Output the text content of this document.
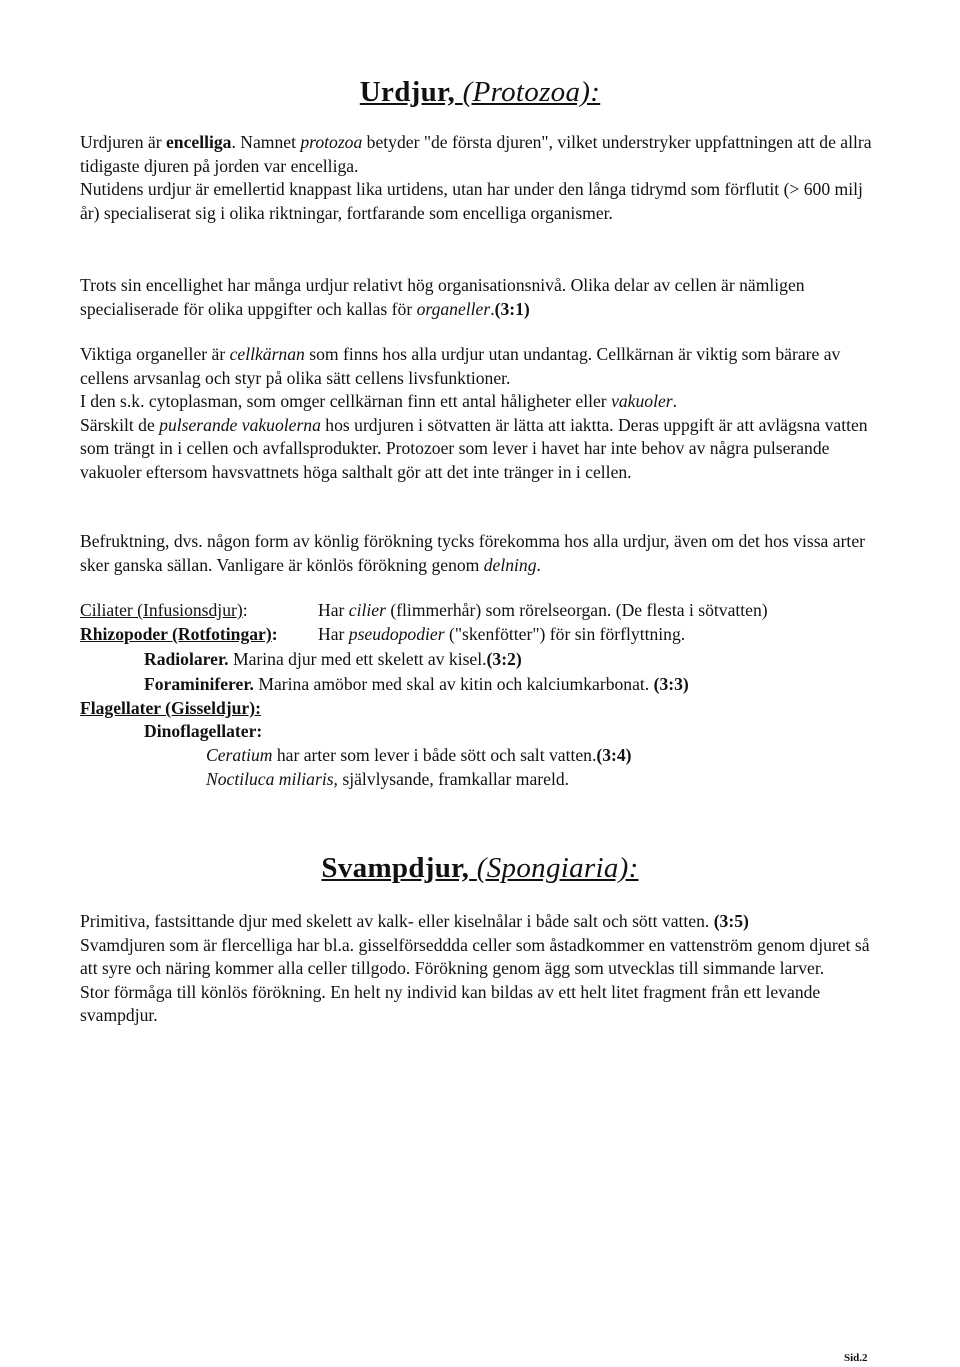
Urdjur, (Protozoa):

Urdjuren är encelliga. Namnet protozoa betyder "de första djuren", vilket understryker uppfattningen att de allra tidigaste djuren på jorden var encelliga.
Nutidens urdjur är emellertid knappast lika urtidens, utan har under den långa tidrymd som förflutit (> 600 milj år) specialiserat sig i olika riktningar, fortfarande som encelliga organismer.

Trots sin encellighet har många urdjur relativt hög organisationsnivå. Olika delar av cellen är nämligen specialiserade för olika uppgifter och kallas för organeller.(3:1)

Viktiga organeller är cellkärnan som finns hos alla urdjur utan undantag. Cellkärnan är viktig som bärare av cellens arvsanlag och styr på olika sätt cellens livsfunktioner.
I den s.k. cytoplasman, som omger cellkärnan finn ett antal håligheter eller vakuoler.
Särskilt de pulserande vakuolerna hos urdjuren i sötvatten är lätta att iaktta. Deras uppgift är att avlägsna vatten som trängt in i cellen och avfallsprodukter. Protozoer som lever i havet har inte behov av några pulserande vakuoler eftersom havsvattnets höga salthalt gör att det inte tränger in i cellen.

Befruktning, dvs. någon form av könlig förökning tycks förekomma hos alla urdjur, även om det hos vissa arter sker ganska sällan. Vanligare är könlös förökning genom delning.

Ciliater (Infusionsdjur):	Har cilier (flimmerhår) som rörelseorgan. (De flesta i sötvatten)
Rhizopoder (Rotfotingar): Har pseudopodier ("skenfötter") för sin förflyttning.
Radiolarer. Marina djur med ett skelett av kisel.(3:2)
Foraminiferer. Marina amöbor med skal av kitin och kalciumkarbonat. (3:3)
Flagellater (Gisseldjur):
Dinoflagellater:
Ceratium har arter som lever i både sött och salt vatten.(3:4)
Noctiluca miliaris, självlysande, framkallar mareld.
Svampdjur, (Spongiaria):

Primitiva, fastsittande djur med skelett av kalk- eller kiselnålar i både salt och sött vatten. (3:5)
Svamdjuren som är flercelliga har bl.a. gisselförseddda celler som åstadkommer en vattenström genom djuret så att syre och näring kommer alla celler tillgodo. Förökning genom ägg som utvecklas till simmande larver.
Stor förmåga till könlös förökning. En helt ny individ kan bildas av ett helt litet fragment från ett levande svampdjur.

Sid.2
